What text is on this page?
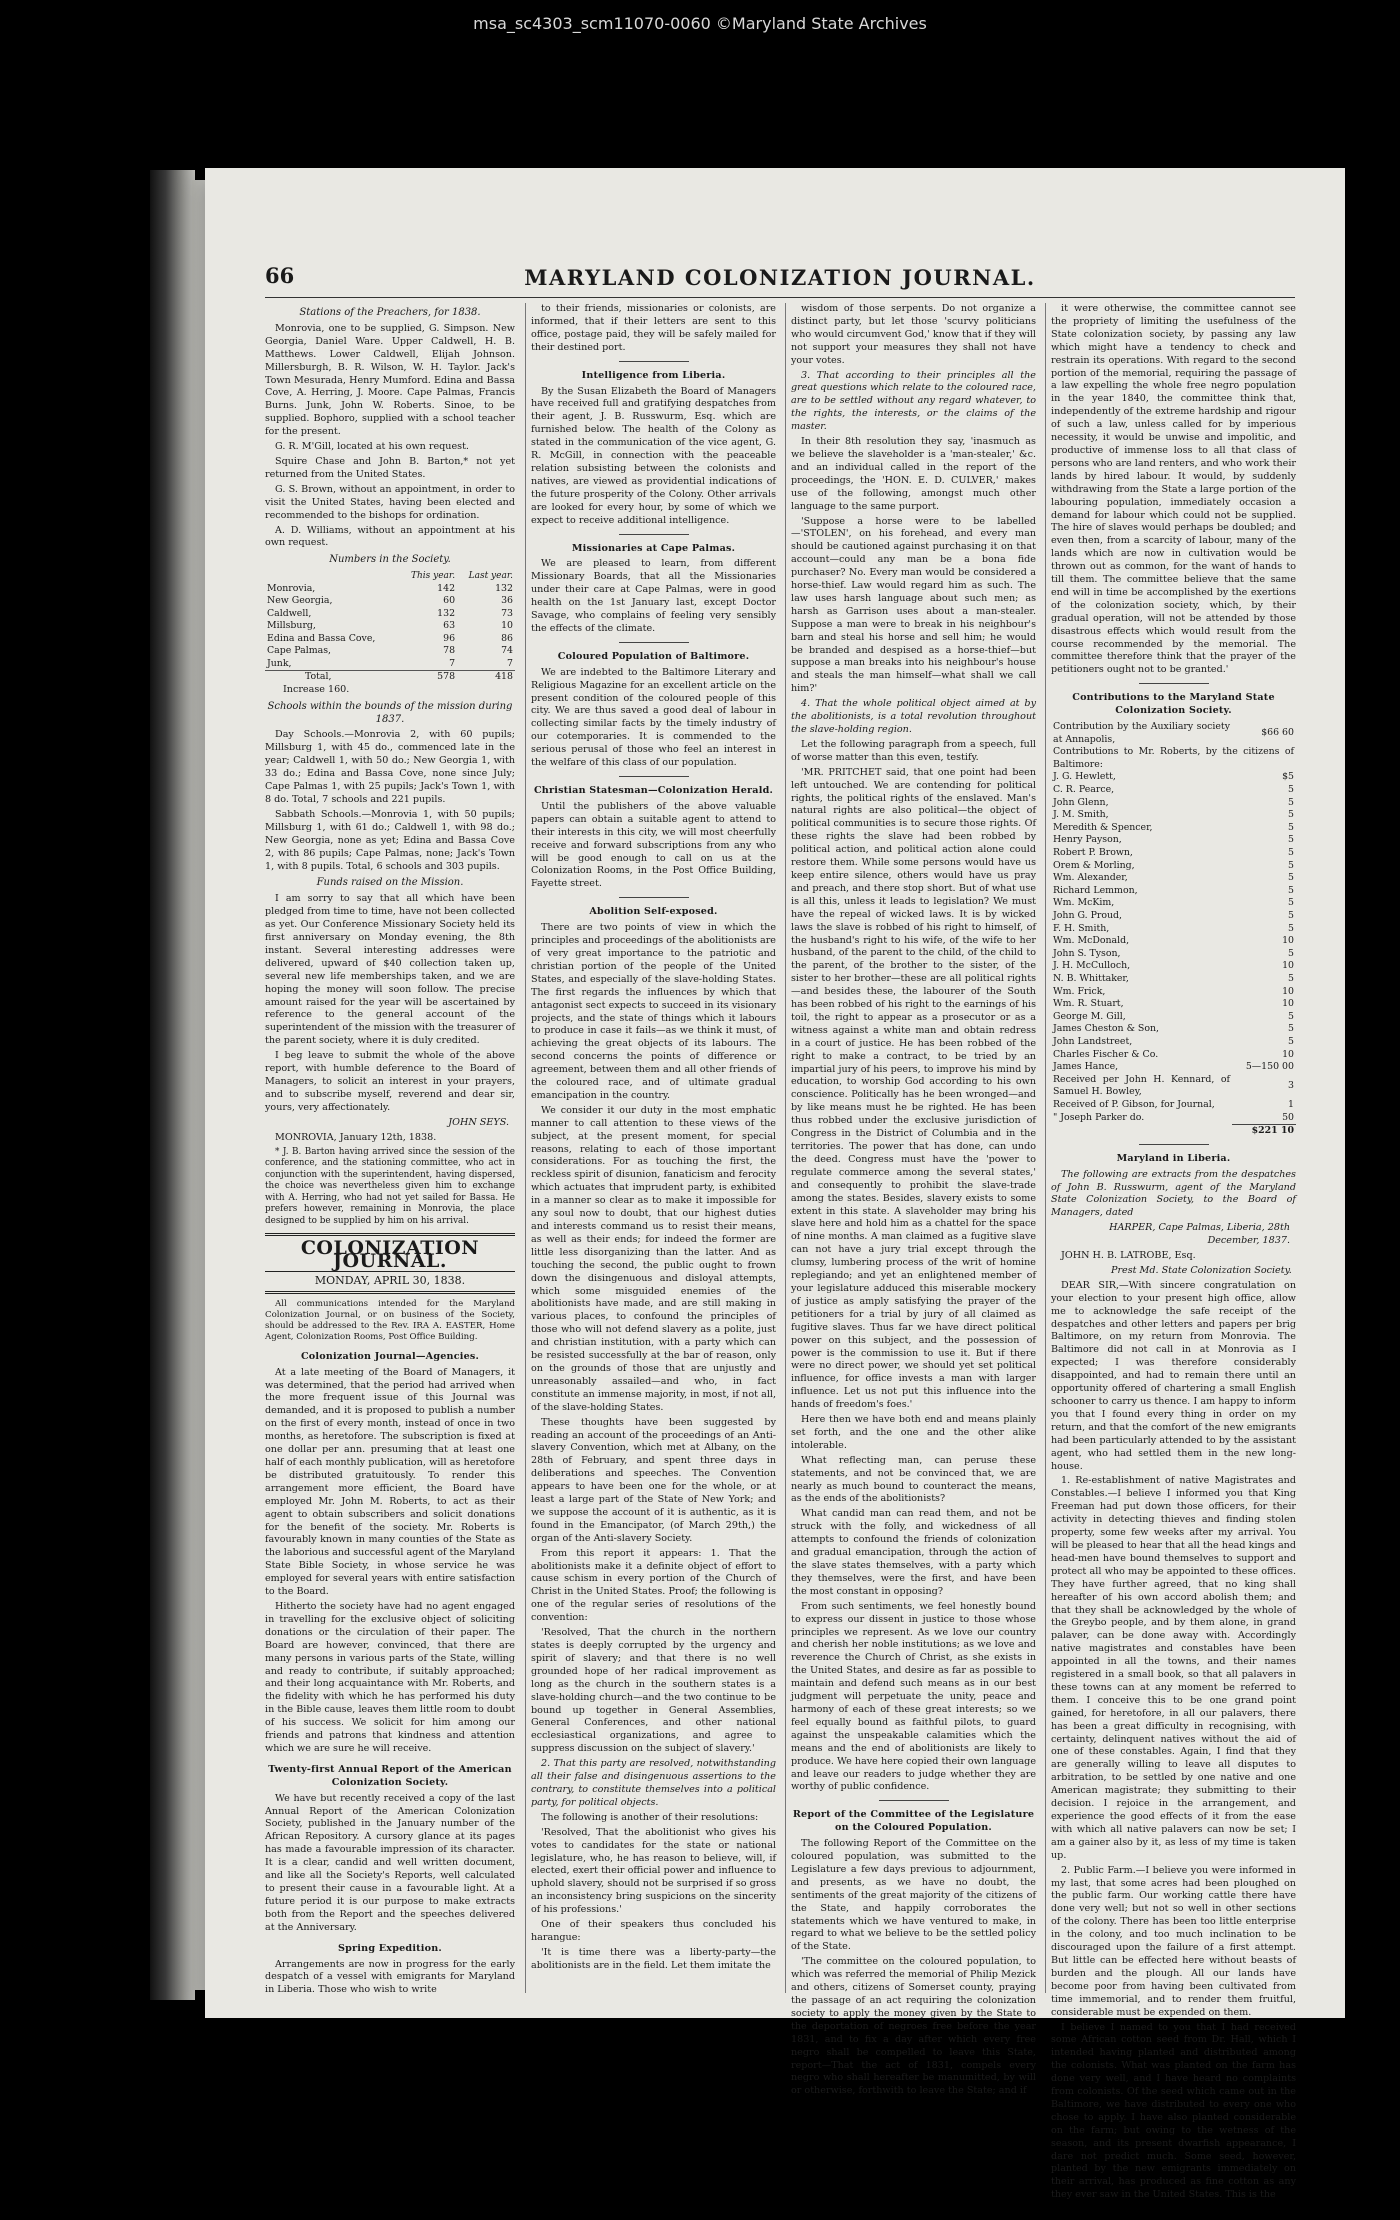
msa_sc4303_scm11070-0060 ©Maryland State Archives
66	MARYLAND COLONIZATION JOURNAL.
Stations of the Preachers, for 1838.

Monrovia, one to be supplied, G. Simpson. New Georgia, Daniel Ware. Upper Caldwell, H. B. Matthews. Lower Caldwell, Elijah Johnson. Millersburgh, B. R. Wilson, W. H. Taylor. Jack's Town Mesurada, Henry Mumford. Edina and Bassa Cove, A. Herring, J. Moore. Cape Palmas, Francis Burns. Junk, John W. Roberts. Sinoe, to be supplied. Bophoro, supplied with a school teacher for the present.

G. R. M'Gill, located at his own request.

Squire Chase and John B. Barton,* not yet returned from the United States.

G. S. Brown, without an appointment, in order to visit the United States, having been elected and recommended to the bishops for ordination.

A. D. Williams, without an appointment at his own request.

Numbers in the Society.
	This year.	Last year.
Monrovia,	142	132
New Georgia,	60	36
Caldwell,	132	73
Millsburg,	63	10
Edina and Bassa Cove,	96	86
Cape Palmas,	78	74
Junk,	7	7
Total,	578	418
Increase 160.
Schools within the bounds of the mission during 1837.

Day Schools.—Monrovia 2, with 60 pupils; Millsburg 1, with 45 do., commenced late in the year; Caldwell 1, with 50 do.; New Georgia 1, with 33 do.; Edina and Bassa Cove, none since July; Cape Palmas 1, with 25 pupils; Jack's Town 1, with 8 do. Total, 7 schools and 221 pupils.

Sabbath Schools.—Monrovia 1, with 50 pupils; Millsburg 1, with 61 do.; Caldwell 1, with 98 do.; New Georgia, none as yet; Edina and Bassa Cove 2, with 86 pupils; Cape Palmas, none; Jack's Town 1, with 8 pupils. Total, 6 schools and 303 pupils.

Funds raised on the Mission.

I am sorry to say that all which have been pledged from time to time, have not been collected as yet. Our Conference Missionary Society held its first anniversary on Monday evening, the 8th instant. Several interesting addresses were delivered, upward of $40 collection taken up, several new life memberships taken, and we are hoping the money will soon follow. The precise amount raised for the year will be ascertained by reference to the general account of the superintendent of the mission with the treasurer of the parent society, where it is duly credited.

I beg leave to submit the whole of the above report, with humble deference to the Board of Managers, to solicit an interest in your prayers, and to subscribe myself, reverend and dear sir, yours, very affectionately.

JOHN SEYS.

MONROVIA, January 12th, 1838.

* J. B. Barton having arrived since the session of the conference, and the stationing committee, who act in conjunction with the superintendent, having dispersed, the choice was nevertheless given him to exchange with A. Herring, who had not yet sailed for Bassa. He prefers however, remaining in Monrovia, the place designed to be supplied by him on his arrival.

COLONIZATION JOURNAL.
MONDAY, APRIL 30, 1838.

All communications intended for the Maryland Colonization Journal, or on business of the Society, should be addressed to the Rev. IRA A. EASTER, Home Agent, Colonization Rooms, Post Office Building.

Colonization Journal—Agencies.

At a late meeting of the Board of Managers, it was determined, that the period had arrived when the more frequent issue of this Journal was demanded, and it is proposed to publish a number on the first of every month, instead of once in two months, as heretofore. The subscription is fixed at one dollar per ann. presuming that at least one half of each monthly publication, will as heretofore be distributed gratuitously. To render this arrangement more efficient, the Board have employed Mr. John M. Roberts, to act as their agent to obtain subscribers and solicit donations for the benefit of the society. Mr. Roberts is favourably known in many counties of the State as the laborious and successful agent of the Maryland State Bible Society, in whose service he was employed for several years with entire satisfaction to the Board.

Hitherto the society have had no agent engaged in travelling for the exclusive object of soliciting donations or the circulation of their paper. The Board are however, convinced, that there are many persons in various parts of the State, willing and ready to contribute, if suitably approached; and their long acquaintance with Mr. Roberts, and the fidelity with which he has performed his duty in the Bible cause, leaves them little room to doubt of his success. We solicit for him among our friends and patrons that kindness and attention which we are sure he will receive.

Twenty-first Annual Report of the American Colonization Society.

We have but recently received a copy of the last Annual Report of the American Colonization Society, published in the January number of the African Repository. A cursory glance at its pages has made a favourable impression of its character. It is a clear, candid and well written document, and like all the Society's Reports, well calculated to present their cause in a favourable light. At a future period it is our purpose to make extracts both from the Report and the speeches delivered at the Anniversary.

Spring Expedition.

Arrangements are now in progress for the early despatch of a vessel with emigrants for Maryland in Liberia. Those who wish to write

to their friends, missionaries or colonists, are informed, that if their letters are sent to this office, postage paid, they will be safely mailed for their destined port.

Intelligence from Liberia.

By the Susan Elizabeth the Board of Managers have received full and gratifying despatches from their agent, J. B. Russwurm, Esq. which are furnished below. The health of the Colony as stated in the communication of the vice agent, G. R. McGill, in connection with the peaceable relation subsisting between the colonists and natives, are viewed as providential indications of the future prosperity of the Colony. Other arrivals are looked for every hour, by some of which we expect to receive additional intelligence.

Missionaries at Cape Palmas.

We are pleased to learn, from different Missionary Boards, that all the Missionaries under their care at Cape Palmas, were in good health on the 1st January last, except Doctor Savage, who complains of feeling very sensibly the effects of the climate.

Coloured Population of Baltimore.

We are indebted to the Baltimore Literary and Religious Magazine for an excellent article on the present condition of the coloured people of this city. We are thus saved a good deal of labour in collecting similar facts by the timely industry of our cotemporaries. It is commended to the serious perusal of those who feel an interest in the welfare of this class of our population.

Christian Statesman—Colonization Herald.

Until the publishers of the above valuable papers can obtain a suitable agent to attend to their interests in this city, we will most cheerfully receive and forward subscriptions from any who will be good enough to call on us at the Colonization Rooms, in the Post Office Building, Fayette street.

Abolition Self-exposed.

There are two points of view in which the principles and proceedings of the abolitionists are of very great importance to the patriotic and christian portion of the people of the United States, and especially of the slave-holding States. The first regards the influences by which that antagonist sect expects to succeed in its visionary projects, and the state of things which it labours to produce in case it fails—as we think it must, of achieving the great objects of its labours. The second concerns the points of difference or agreement, between them and all other friends of the coloured race, and of ultimate gradual emancipation in the country.

We consider it our duty in the most emphatic manner to call attention to these views of the subject, at the present moment, for special reasons, relating to each of those important considerations. For as touching the first, the reckless spirit of disunion, fanaticism and ferocity which actuates that imprudent party, is exhibited in a manner so clear as to make it impossible for any soul now to doubt, that our highest duties and interests command us to resist their means, as well as their ends; for indeed the former are little less disorganizing than the latter. And as touching the second, the public ought to frown down the disingenuous and disloyal attempts, which some misguided enemies of the abolitionists have made, and are still making in various places, to confound the principles of those who will not defend slavery as a polite, just and christian institution, with a party which can be resisted successfully at the bar of reason, only on the grounds of those that are unjustly and unreasonably assailed—and who, in fact constitute an immense majority, in most, if not all, of the slave-holding States.

These thoughts have been suggested by reading an account of the proceedings of an Anti-slavery Convention, which met at Albany, on the 28th of February, and spent three days in deliberations and speeches. The Convention appears to have been one for the whole, or at least a large part of the State of New York; and we suppose the account of it is authentic, as it is found in the Emancipator, (of March 29th,) the organ of the Anti-slavery Society.

From this report it appears: 1. That the abolitionists make it a definite object of effort to cause schism in every portion of the Church of Christ in the United States. Proof; the following is one of the regular series of resolutions of the convention:

'Resolved, That the church in the northern states is deeply corrupted by the urgency and spirit of slavery; and that there is no well grounded hope of her radical improvement as long as the church in the southern states is a slave-holding church—and the two continue to be bound up together in General Assemblies, General Conferences, and other national ecclesiastical organizations, and agree to suppress discussion on the subject of slavery.'

2. That this party are resolved, notwithstanding all their false and disingenuous assertions to the contrary, to constitute themselves into a political party, for political objects.

The following is another of their resolutions:

'Resolved, That the abolitionist who gives his votes to candidates for the state or national legislature, who, he has reason to believe, will, if elected, exert their official power and influence to uphold slavery, should not be surprised if so gross an inconsistency bring suspicions on the sincerity of his professions.'

One of their speakers thus concluded his harangue:

'It is time there was a liberty-party—the abolitionists are in the field. Let them imitate the

wisdom of those serpents. Do not organize a distinct party, but let those 'scurvy politicians who would circumvent God,' know that if they will not support your measures they shall not have your votes.

3. That according to their principles all the great questions which relate to the coloured race, are to be settled without any regard whatever, to the rights, the interests, or the claims of the master.

In their 8th resolution they say, 'inasmuch as we believe the slaveholder is a 'man-stealer,' &c. and an individual called in the report of the proceedings, the 'HON. E. D. CULVER,' makes use of the following, amongst much other language to the same purport.

'Suppose a horse were to be labelled—'STOLEN', on his forehead, and every man should be cautioned against purchasing it on that account—could any man be a bona fide purchaser? No. Every man would be considered a horse-thief. Law would regard him as such. The law uses harsh language about such men; as harsh as Garrison uses about a man-stealer. Suppose a man were to break in his neighbour's barn and steal his horse and sell him; he would be branded and despised as a horse-thief—but suppose a man breaks into his neighbour's house and steals the man himself—what shall we call him?'

4. That the whole political object aimed at by the abolitionists, is a total revolution throughout the slave-holding region.

Let the following paragraph from a speech, full of worse matter than this even, testify.

'MR. PRITCHET said, that one point had been left untouched. We are contending for political rights, the political rights of the enslaved. Man's natural rights are also political—the object of political communities is to secure those rights. Of these rights the slave had been robbed by political action, and political action alone could restore them. While some persons would have us keep entire silence, others would have us pray and preach, and there stop short. But of what use is all this, unless it leads to legislation? We must have the repeal of wicked laws. It is by wicked laws the slave is robbed of his right to himself, of the husband's right to his wife, of the wife to her husband, of the parent to the child, of the child to the parent, of the brother to the sister, of the sister to her brother—these are all political rights—and besides these, the labourer of the South has been robbed of his right to the earnings of his toil, the right to appear as a prosecutor or as a witness against a white man and obtain redress in a court of justice. He has been robbed of the right to make a contract, to be tried by an impartial jury of his peers, to improve his mind by education, to worship God according to his own conscience. Politically has he been wronged—and by like means must he be righted. He has been thus robbed under the exclusive jurisdiction of Congress in the District of Columbia and in the territories. The power that has done, can undo the deed. Congress must have the 'power to regulate commerce among the several states,' and consequently to prohibit the slave-trade among the states. Besides, slavery exists to some extent in this state. A slaveholder may bring his slave here and hold him as a chattel for the space of nine months. A man claimed as a fugitive slave can not have a jury trial except through the clumsy, lumbering process of the writ of homine replegiando; and yet an enlightened member of your legislature adduced this miserable mockery of justice as amply satisfying the prayer of the petitioners for a trial by jury of all claimed as fugitive slaves. Thus far we have direct political power on this subject, and the possession of power is the commission to use it. But if there were no direct power, we should yet set political influence, for office invests a man with larger influence. Let us not put this influence into the hands of freedom's foes.'

Here then we have both end and means plainly set forth, and the one and the other alike intolerable.

What reflecting man, can peruse these statements, and not be convinced that, we are nearly as much bound to counteract the means, as the ends of the abolitionists?

What candid man can read them, and not be struck with the folly, and wickedness of all attempts to confound the friends of colonization and gradual emancipation, through the action of the slave states themselves, with a party which they themselves, were the first, and have been the most constant in opposing?

From such sentiments, we feel honestly bound to express our dissent in justice to those whose principles we represent. As we love our country and cherish her noble institutions; as we love and reverence the Church of Christ, as she exists in the United States, and desire as far as possible to maintain and defend such means as in our best judgment will perpetuate the unity, peace and harmony of each of these great interests; so we feel equally bound as faithful pilots, to guard against the unspeakable calamities which the means and the end of abolitionists are likely to produce. We have here copied their own language and leave our readers to judge whether they are worthy of public confidence.

Report of the Committee of the Legislature on the Coloured Population.

The following Report of the Committee on the coloured population, was submitted to the Legislature a few days previous to adjournment, and presents, as we have no doubt, the sentiments of the great majority of the citizens of the State, and happily corroborates the statements which we have ventured to make, in regard to what we believe to be the settled policy of the State.

'The committee on the coloured population, to which was referred the memorial of Philip Mezick and others, citizens of Somerset county, praying the passage of an act requiring the colonization society to apply the money given by the State to the deportation of negroes free before the year 1831, and to fix a day after which every free negro shall be compelled to leave this State, report—That the act of 1831, compels every negro who shall hereafter be manumitted, by will or otherwise, forthwith to leave the State; and if

it were otherwise, the committee cannot see the propriety of limiting the usefulness of the State colonization society, by passing any law which might have a tendency to check and restrain its operations. With regard to the second portion of the memorial, requiring the passage of a law expelling the whole free negro population in the year 1840, the committee think that, independently of the extreme hardship and rigour of such a law, unless called for by imperious necessity, it would be unwise and impolitic, and productive of immense loss to all that class of persons who are land renters, and who work their lands by hired labour. It would, by suddenly withdrawing from the State a large portion of the labouring population, immediately occasion a demand for labour which could not be supplied. The hire of slaves would perhaps be doubled; and even then, from a scarcity of labour, many of the lands which are now in cultivation would be thrown out as common, for the want of hands to till them. The committee believe that the same end will in time be accomplished by the exertions of the colonization society, which, by their gradual operation, will not be attended by those disastrous effects which would result from the course recommended by the memorial. The committee therefore think that the prayer of the petitioners ought not to be granted.'

Contributions to the Maryland State Colonization Society.
Contribution by the Auxiliary society at Annapolis,	$66 60
Contributions to Mr. Roberts, by the citizens of Baltimore:	
J. G. Hewlett,	$5
C. R. Pearce,	5
John Glenn,	5
J. M. Smith,	5
Meredith & Spencer,	5
Henry Payson,	5
Robert P. Brown,	5
Orem & Morling,	5
Wm. Alexander,	5
Richard Lemmon,	5
Wm. McKim,	5
John G. Proud,	5
F. H. Smith,	5
Wm. McDonald,	10
John S. Tyson,	5
J. H. McCulloch,	10
N. B. Whittaker,	5
Wm. Frick,	10
Wm. R. Stuart,	10
George M. Gill,	5
James Cheston & Son,	5
John Landstreet,	5
Charles Fischer & Co.	10
James Hance,	5—150 00
Received per John H. Kennard, of Samuel H. Bowley,	3
Received of P. Gibson, for Journal,	1
" Joseph Parker do.	50
	$221 10
Maryland in Liberia.

The following are extracts from the despatches of John B. Russwurm, agent of the Maryland State Colonization Society, to the Board of Managers, dated

HARPER, Cape Palmas, Liberia, 28th December, 1837.

JOHN H. B. LATROBE, Esq.

Prest Md. State Colonization Society.

DEAR SIR,—With sincere congratulation on your election to your present high office, allow me to acknowledge the safe receipt of the despatches and other letters and papers per brig Baltimore, on my return from Monrovia. The Baltimore did not call in at Monrovia as I expected; I was therefore considerably disappointed, and had to remain there until an opportunity offered of chartering a small English schooner to carry us thence. I am happy to inform you that I found every thing in order on my return, and that the comfort of the new emigrants had been particularly attended to by the assistant agent, who had settled them in the new long-house.

1. Re-establishment of native Magistrates and Constables.—I believe I informed you that King Freeman had put down those officers, for their activity in detecting thieves and finding stolen property, some few weeks after my arrival. You will be pleased to hear that all the head kings and head-men have bound themselves to support and protect all who may be appointed to these offices. They have further agreed, that no king shall hereafter of his own accord abolish them; and that they shall be acknowledged by the whole of the Greybo people, and by them alone, in grand palaver, can be done away with. Accordingly native magistrates and constables have been appointed in all the towns, and their names registered in a small book, so that all palavers in these towns can at any moment be referred to them. I conceive this to be one grand point gained, for heretofore, in all our palavers, there has been a great difficulty in recognising, with certainty, delinquent natives without the aid of one of these constables. Again, I find that they are generally willing to leave all disputes to arbitration, to be settled by one native and one American magistrate; they submitting to their decision. I rejoice in the arrangement, and experience the good effects of it from the ease with which all native palavers can now be set; I am a gainer also by it, as less of my time is taken up.

2. Public Farm.—I believe you were informed in my last, that some acres had been ploughed on the public farm. Our working cattle there have done very well; but not so well in other sections of the colony. There has been too little enterprise in the colony, and too much inclination to be discouraged upon the failure of a first attempt. But little can be effected here without beasts of burden and the plough. All our lands have become poor from having been cultivated from time immemorial, and to render them fruitful, considerable must be expended on them.

I believe I named to you that I had received some African cotton seed from Dr. Hall, which I intended having planted and distributed among the colonists. What was planted on the farm has done very well, and I have heard no complaints from colonists. Of the seed which came out in the Baltimore, we have distributed to every one who chose to apply. I have also planted considerable on the farm; but owing to the wetness of the season, and its present dwarfish appearance, I dare not predict much. Some seed, however, planted by the new emigrants immediately on their arrival, has produced as fine cotton as any they ever saw in the United States. This is the
